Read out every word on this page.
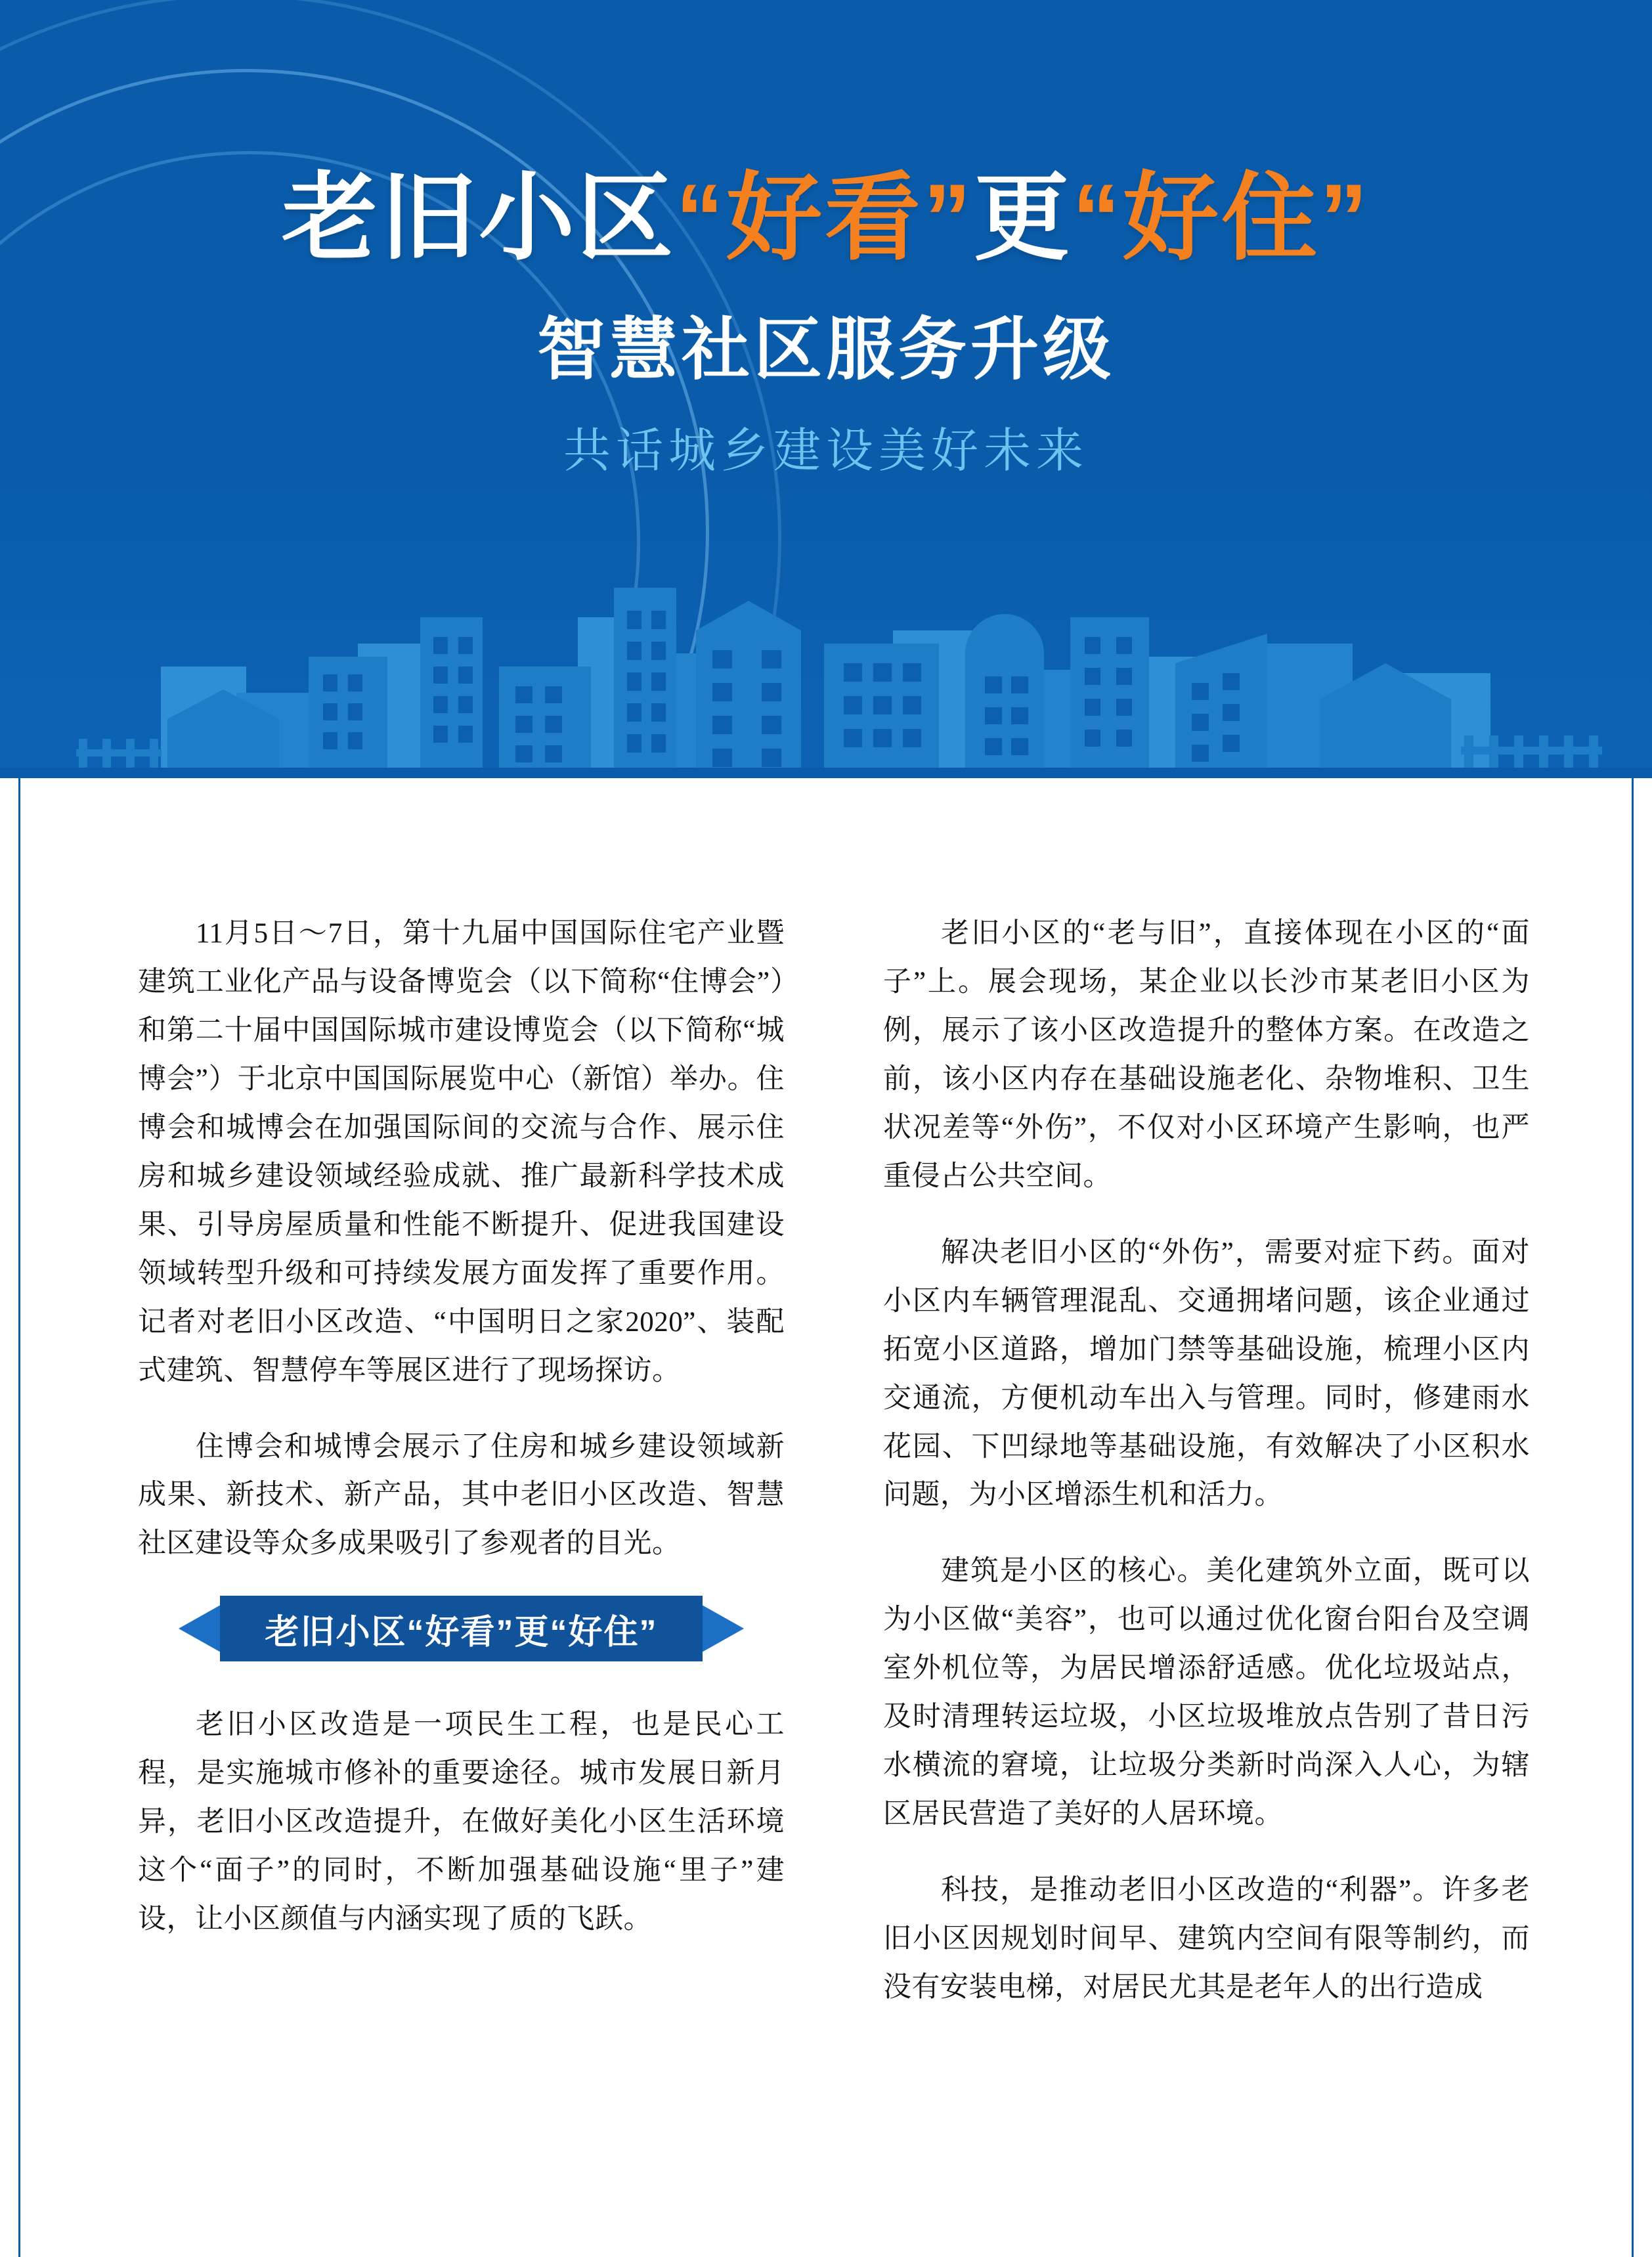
老旧小区“好看”更“好住”
智慧社区服务升级
共话城乡建设美好未来

11月5日～7日，第十九届中国国际住宅产业暨建筑工业化产品与设备博览会（以下简称“住博会”）和第二十届中国国际城市建设博览会（以下简称“城博会”）于北京中国国际展览中心（新馆）举办。住博会和城博会在加强国际间的交流与合作、展示住房和城乡建设领域经验成就、推广最新科学技术成果、引导房屋质量和性能不断提升、促进我国建设领域转型升级和可持续发展方面发挥了重要作用。记者对老旧小区改造、“中国明日之家2020”、装配式建筑、智慧停车等展区进行了现场探访。

住博会和城博会展示了住房和城乡建设领域新成果、新技术、新产品，其中老旧小区改造、智慧社区建设等众多成果吸引了参观者的目光。

老旧小区“好看”更“好住”

老旧小区改造是一项民生工程，也是民心工程，是实施城市修补的重要途径。城市发展日新月异，老旧小区改造提升，在做好美化小区生活环境这个“面子”的同时，不断加强基础设施“里子”建设，让小区颜值与内涵实现了质的飞跃。

老旧小区的“老与旧”，直接体现在小区的“面子”上。展会现场，某企业以长沙市某老旧小区为例，展示了该小区改造提升的整体方案。在改造之前，该小区内存在基础设施老化、杂物堆积、卫生状况差等“外伤”，不仅对小区环境产生影响，也严重侵占公共空间。

解决老旧小区的“外伤”，需要对症下药。面对小区内车辆管理混乱、交通拥堵问题，该企业通过拓宽小区道路，增加门禁等基础设施，梳理小区内交通流，方便机动车出入与管理。同时，修建雨水花园、下凹绿地等基础设施，有效解决了小区积水问题，为小区增添生机和活力。

建筑是小区的核心。美化建筑外立面，既可以为小区做“美容”，也可以通过优化窗台阳台及空调室外机位等，为居民增添舒适感。优化垃圾站点，及时清理转运垃圾，小区垃圾堆放点告别了昔日污水横流的窘境，让垃圾分类新时尚深入人心，为辖区居民营造了美好的人居环境。

科技，是推动老旧小区改造的“利器”。许多老旧小区因规划时间早、建筑内空间有限等制约，而没有安装电梯，对居民尤其是老年人的出行造成
